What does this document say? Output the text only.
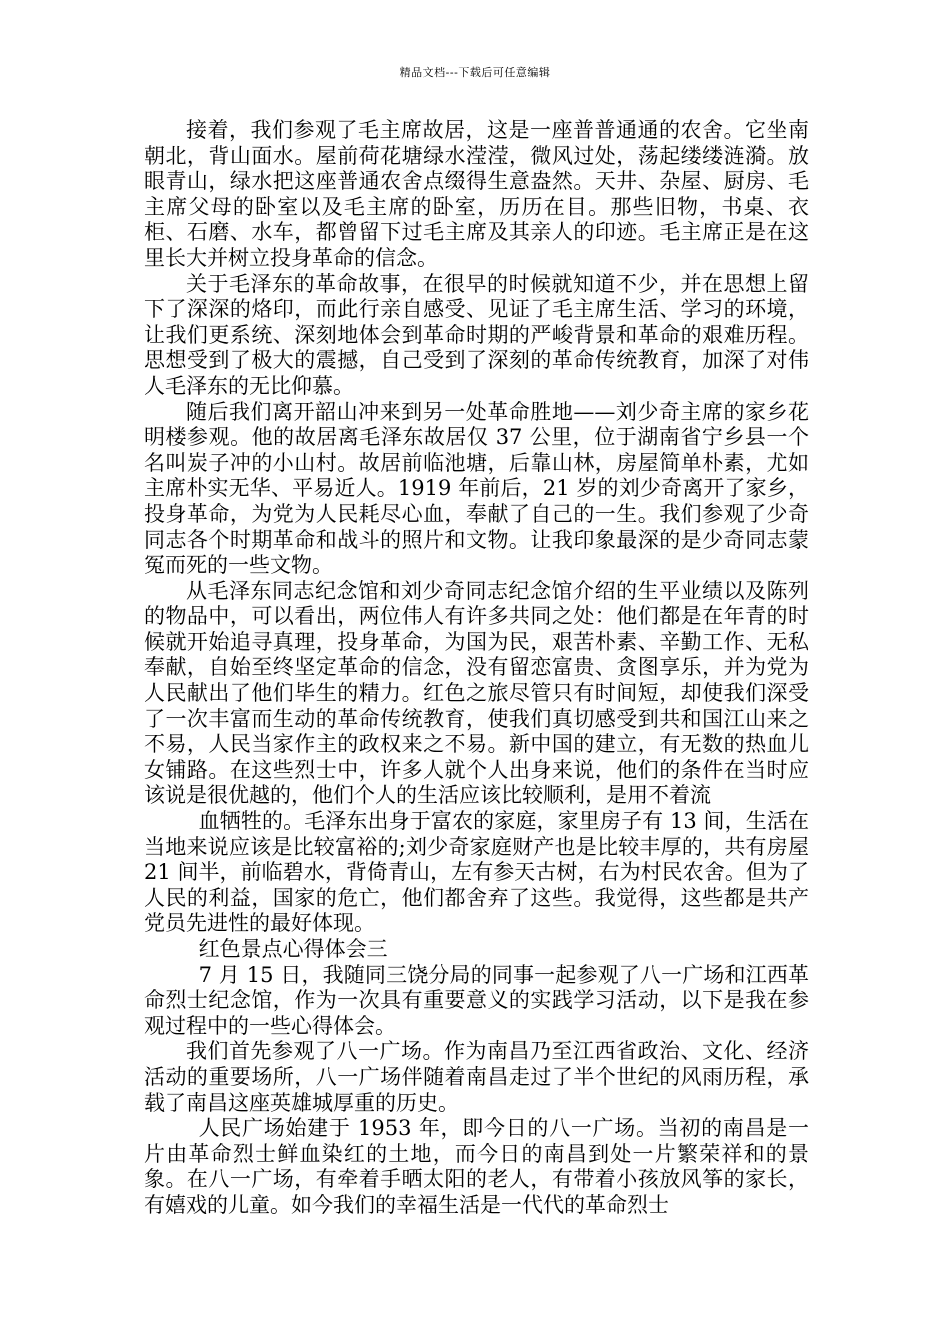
精品文档---下载后可任意编辑

接着，我们参观了毛主席故居，这是一座普普通通的农舍。它坐南朝北，背山面水。屋前荷花塘绿水滢滢，微风过处，荡起缕缕涟漪。放眼青山，绿水把这座普通农舍点缀得生意盎然。天井、杂屋、厨房、毛主席父母的卧室以及毛主席的卧室，历历在目。那些旧物，书桌、衣柜、石磨、水车，都曾留下过毛主席及其亲人的印迹。毛主席正是在这里长大并树立投身革命的信念。

关于毛泽东的革命故事，在很早的时候就知道不少，并在思想上留下了深深的烙印，而此行亲自感受、见证了毛主席生活、学习的环境，让我们更系统、深刻地体会到革命时期的严峻背景和革命的艰难历程。思想受到了极大的震撼，自己受到了深刻的革命传统教育，加深了对伟人毛泽东的无比仰慕。

随后我们离开韶山冲来到另一处革命胜地——刘少奇主席的家乡花明楼参观。他的故居离毛泽东故居仅 37 公里，位于湖南省宁乡县一个名叫炭子冲的小山村。故居前临池塘，后靠山林，房屋简单朴素，尤如主席朴实无华、平易近人。1919 年前后，21 岁的刘少奇离开了家乡，投身革命，为党为人民耗尽心血，奉献了自己的一生。我们参观了少奇同志各个时期革命和战斗的照片和文物。让我印象最深的是少奇同志蒙冤而死的一些文物。

从毛泽东同志纪念馆和刘少奇同志纪念馆介绍的生平业绩以及陈列的物品中，可以看出，两位伟人有许多共同之处：他们都是在年青的时候就开始追寻真理，投身革命，为国为民，艰苦朴素、辛勤工作、无私奉献，自始至终坚定革命的信念，没有留恋富贵、贪图享乐，并为党为人民献出了他们毕生的精力。红色之旅尽管只有时间短，却使我们深受了一次丰富而生动的革命传统教育，使我们真切感受到共和国江山来之不易，人民当家作主的政权来之不易。新中国的建立，有无数的热血儿女铺路。在这些烈士中，许多人就个人出身来说，他们的条件在当时应该说是很优越的，他们个人的生活应该比较顺利，是用不着流

血牺牲的。毛泽东出身于富农的家庭，家里房子有 13 间，生活在当地来说应该是比较富裕的;刘少奇家庭财产也是比较丰厚的，共有房屋 21 间半，前临碧水，背倚青山，左有参天古树，右为村民农舍。但为了人民的利益，国家的危亡，他们都舍弃了这些。我觉得，这些都是共产党员先进性的最好体现。

红色景点心得体会三

7 月 15 日，我随同三饶分局的同事一起参观了八一广场和江西革命烈士纪念馆，作为一次具有重要意义的实践学习活动，以下是我在参观过程中的一些心得体会。

我们首先参观了八一广场。作为南昌乃至江西省政治、文化、经济活动的重要场所，八一广场伴随着南昌走过了半个世纪的风雨历程，承载了南昌这座英雄城厚重的历史。

人民广场始建于 1953 年，即今日的八一广场。当初的南昌是一片由革命烈士鲜血染红的土地，而今日的南昌到处一片繁荣祥和的景象。在八一广场，有牵着手晒太阳的老人，有带着小孩放风筝的家长，有嬉戏的儿童。如今我们的幸福生活是一代代的革命烈士
